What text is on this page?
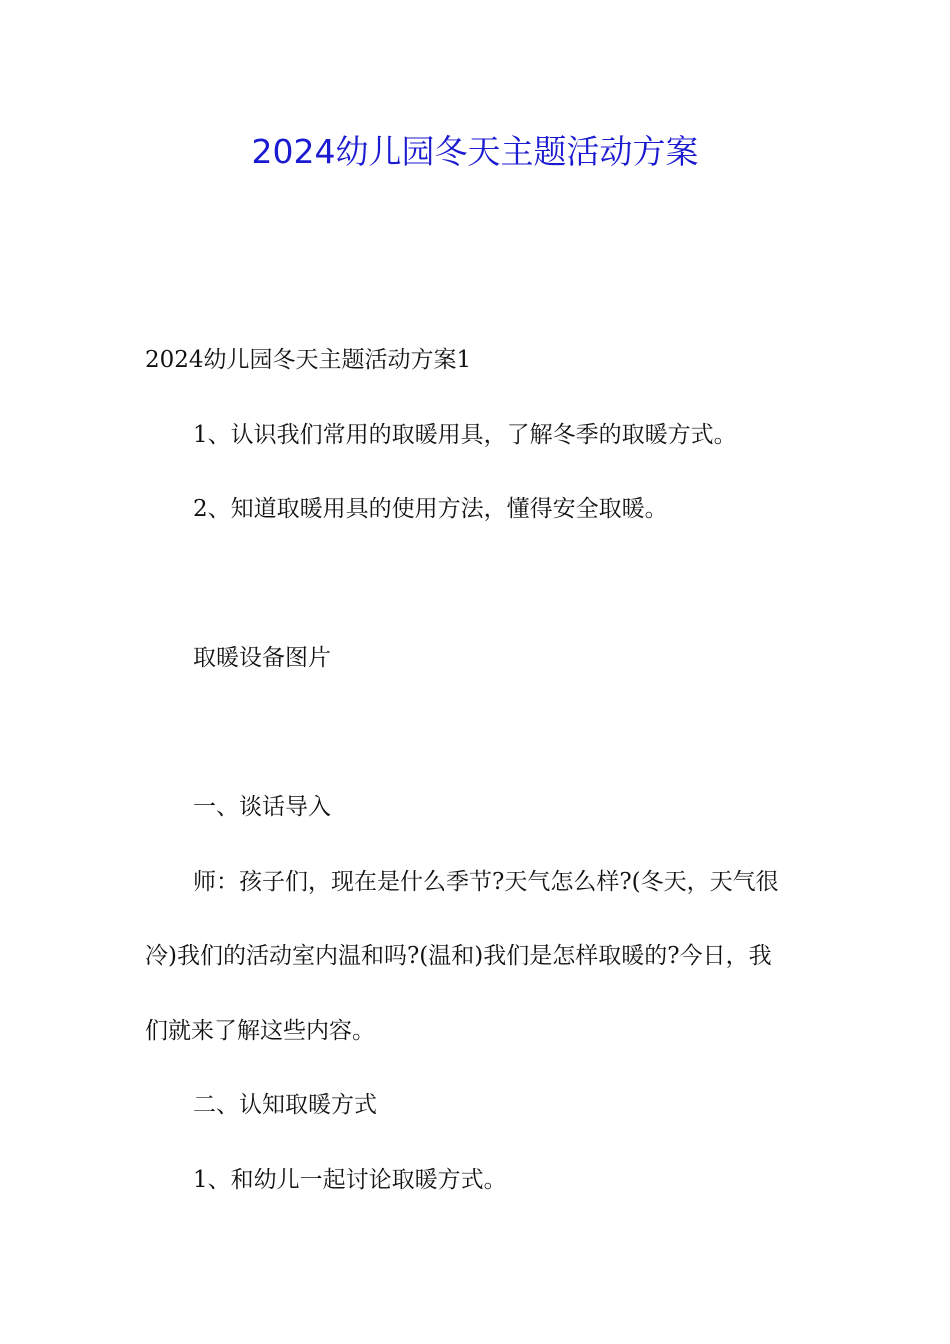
2024幼儿园冬天主题活动方案

2024幼儿园冬天主题活动方案1

1、认识我们常用的取暖用具，了解冬季的取暖方式。

2、知道取暖用具的使用方法，懂得安全取暖。

取暖设备图片

一、谈话导入

师：孩子们，现在是什么季节?天气怎么样?(冬天，天气很

冷)我们的活动室内温和吗?(温和)我们是怎样取暖的?今日，我

们就来了解这些内容。

二、认知取暖方式

1、和幼儿一起讨论取暖方式。
